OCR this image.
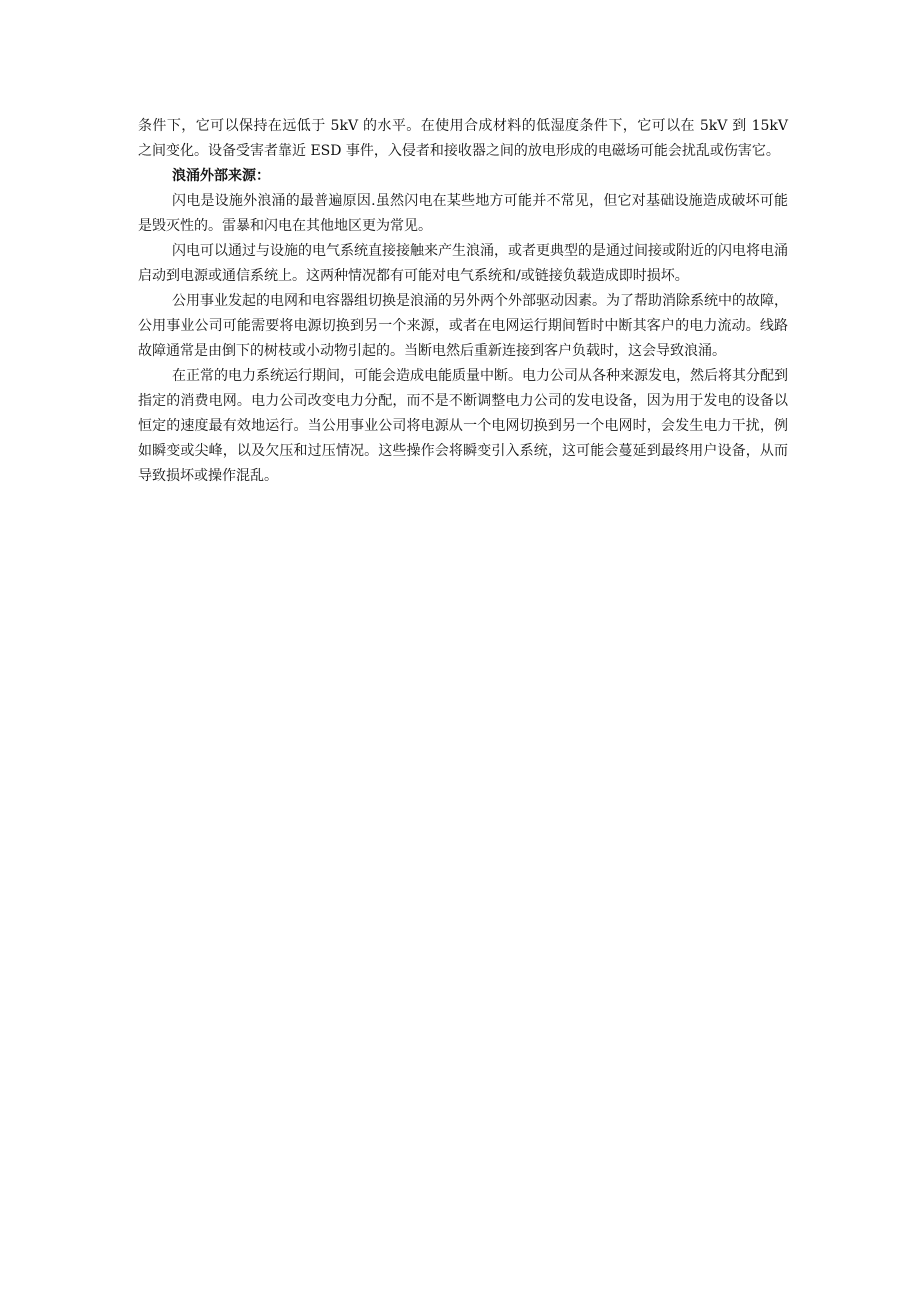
条件下，它可以保持在远低于 5kV 的水平。在使用合成材料的低湿度条件下，它可以在 5kV 到 15kV 之间变化。设备受害者靠近 ESD 事件，入侵者和接收器之间的放电形成的电磁场可能会扰乱或伤害它。

浪涌外部来源：

闪电是设施外浪涌的最普遍原因.虽然闪电在某些地方可能并不常见，但它对基础设施造成破坏可能是毁灭性的。雷暴和闪电在其他地区更为常见。

闪电可以通过与设施的电气系统直接接触来产生浪涌，或者更典型的是通过间接或附近的闪电将电涌启动到电源或通信系统上。这两种情况都有可能对电气系统和/或链接负载造成即时损坏。

公用事业发起的电网和电容器组切换是浪涌的另外两个外部驱动因素。为了帮助消除系统中的故障，公用事业公司可能需要将电源切换到另一个来源，或者在电网运行期间暂时中断其客户的电力流动。线路故障通常是由倒下的树枝或小动物引起的。当断电然后重新连接到客户负载时，这会导致浪涌。

在正常的电力系统运行期间，可能会造成电能质量中断。电力公司从各种来源发电，然后将其分配到指定的消费电网。电力公司改变电力分配，而不是不断调整电力公司的发电设备，因为用于发电的设备以恒定的速度最有效地运行。当公用事业公司将电源从一个电网切换到另一个电网时，会发生电力干扰，例如瞬变或尖峰，以及欠压和过压情况。这些操作会将瞬变引入系统，这可能会蔓延到最终用户设备，从而导致损坏或操作混乱。
